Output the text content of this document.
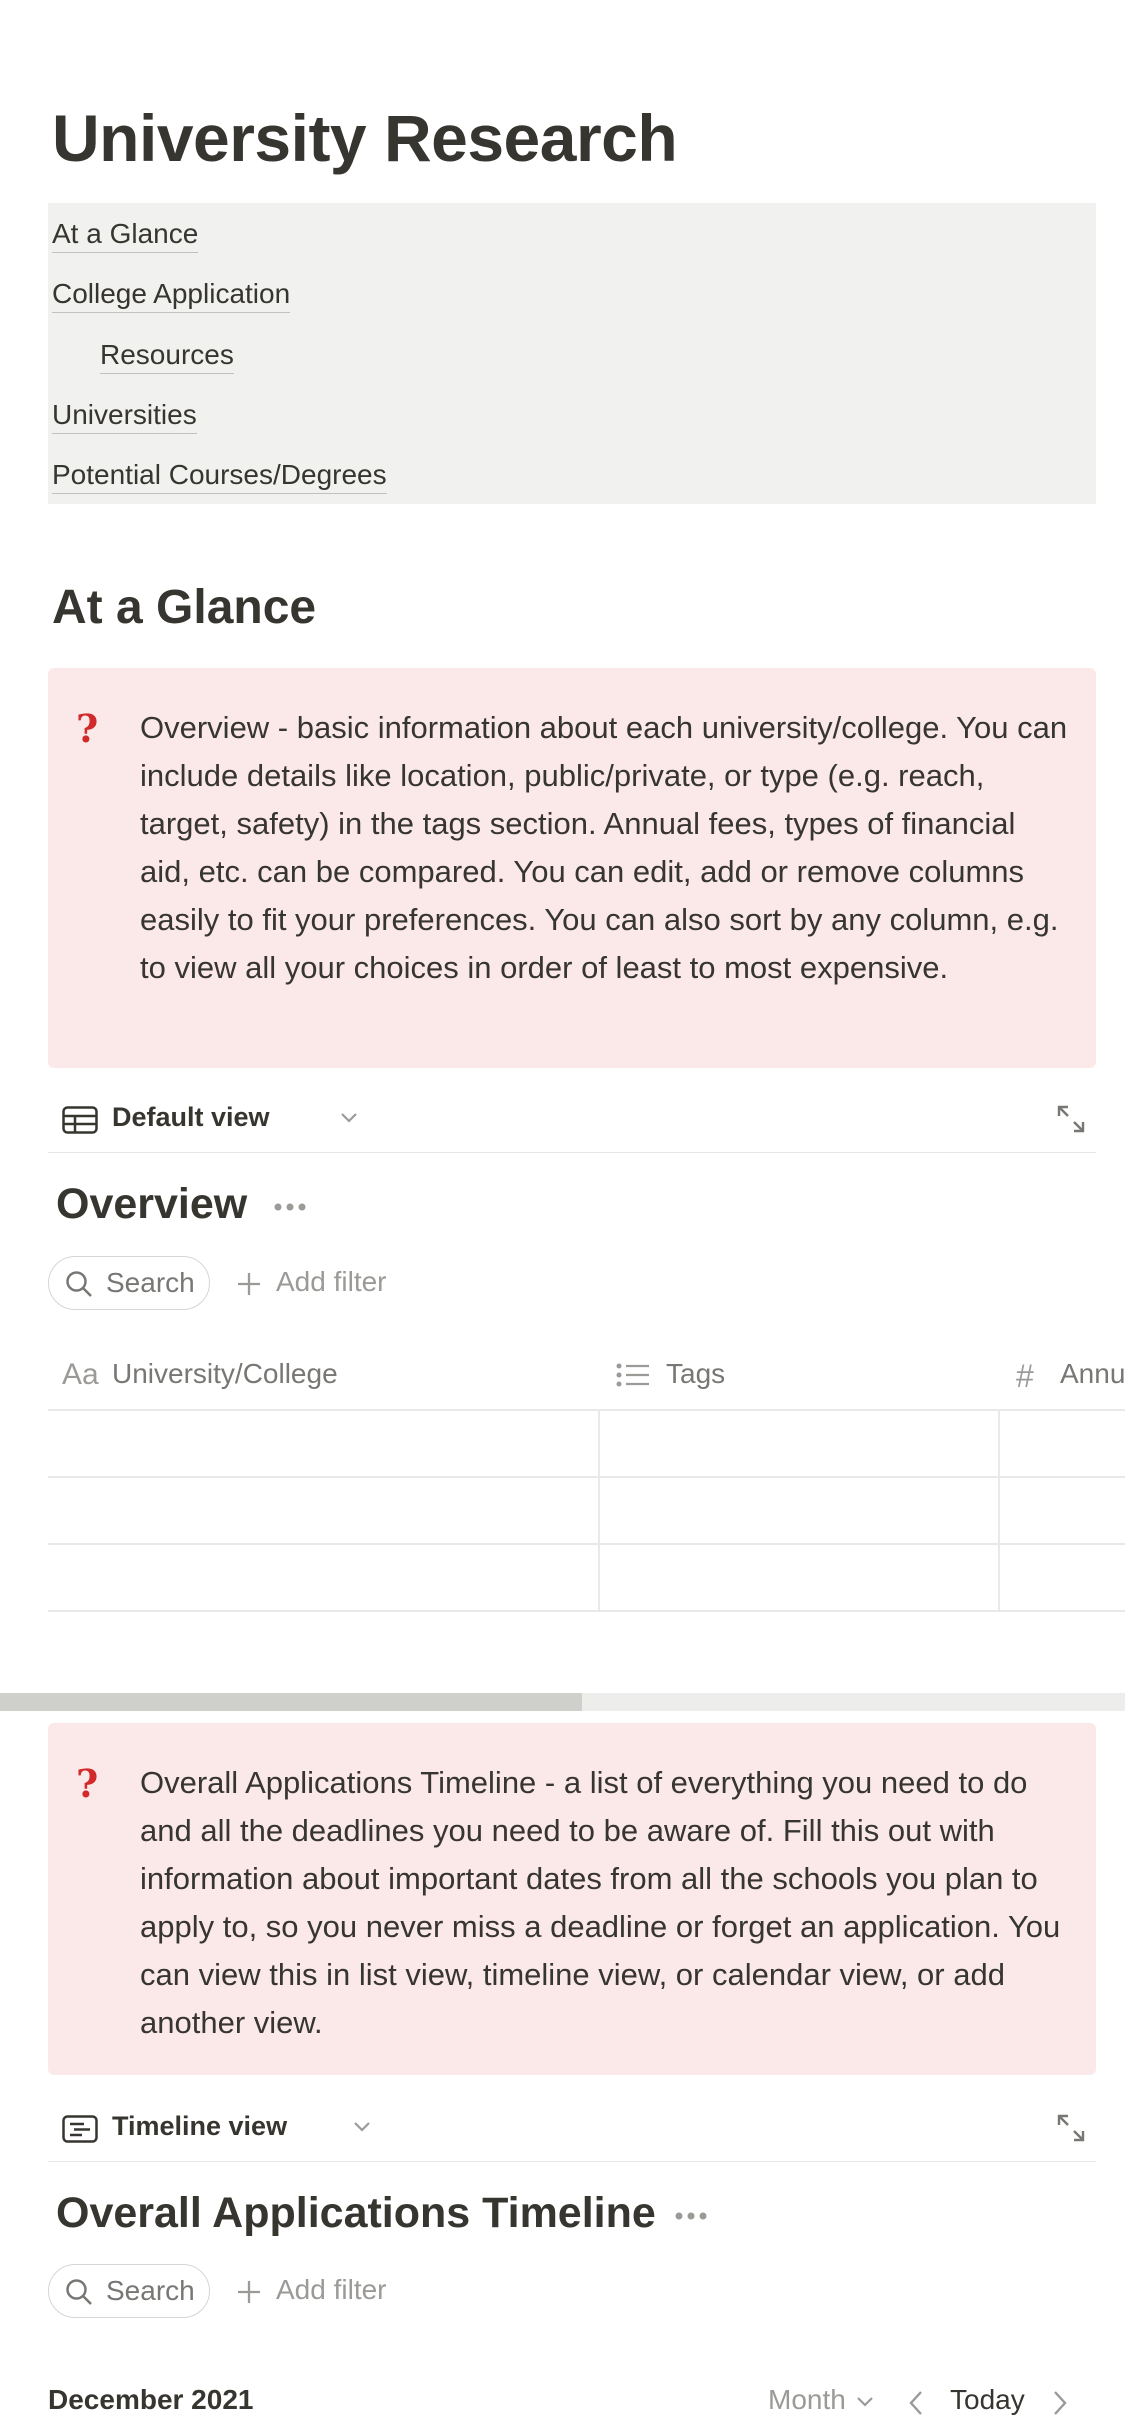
University Research
At a Glance
College Application
Resources
Universities
Potential Courses/Degrees
At a Glance
? Overview - basic information about each university/college. You can include details like location, public/private, or type (e.g. reach, target, safety) in the tags section. Annual fees, types of financial aid, etc. can be compared. You can edit, add or remove columns easily to fit your preferences. You can also sort by any column, e.g. to view all your choices in order of least to most expensive.
Default view
Overview
Search	Add filter
Aa University/College	Tags	# Annu
? Overall Applications Timeline - a list of everything you need to do and all the deadlines you need to be aware of. Fill this out with information about important dates from all the schools you plan to apply to, so you never miss a deadline or forget an application. You can view this in list view, timeline view, or calendar view, or add another view.
Timeline view
Overall Applications Timeline
Search	Add filter
December 2021	Month	Today
